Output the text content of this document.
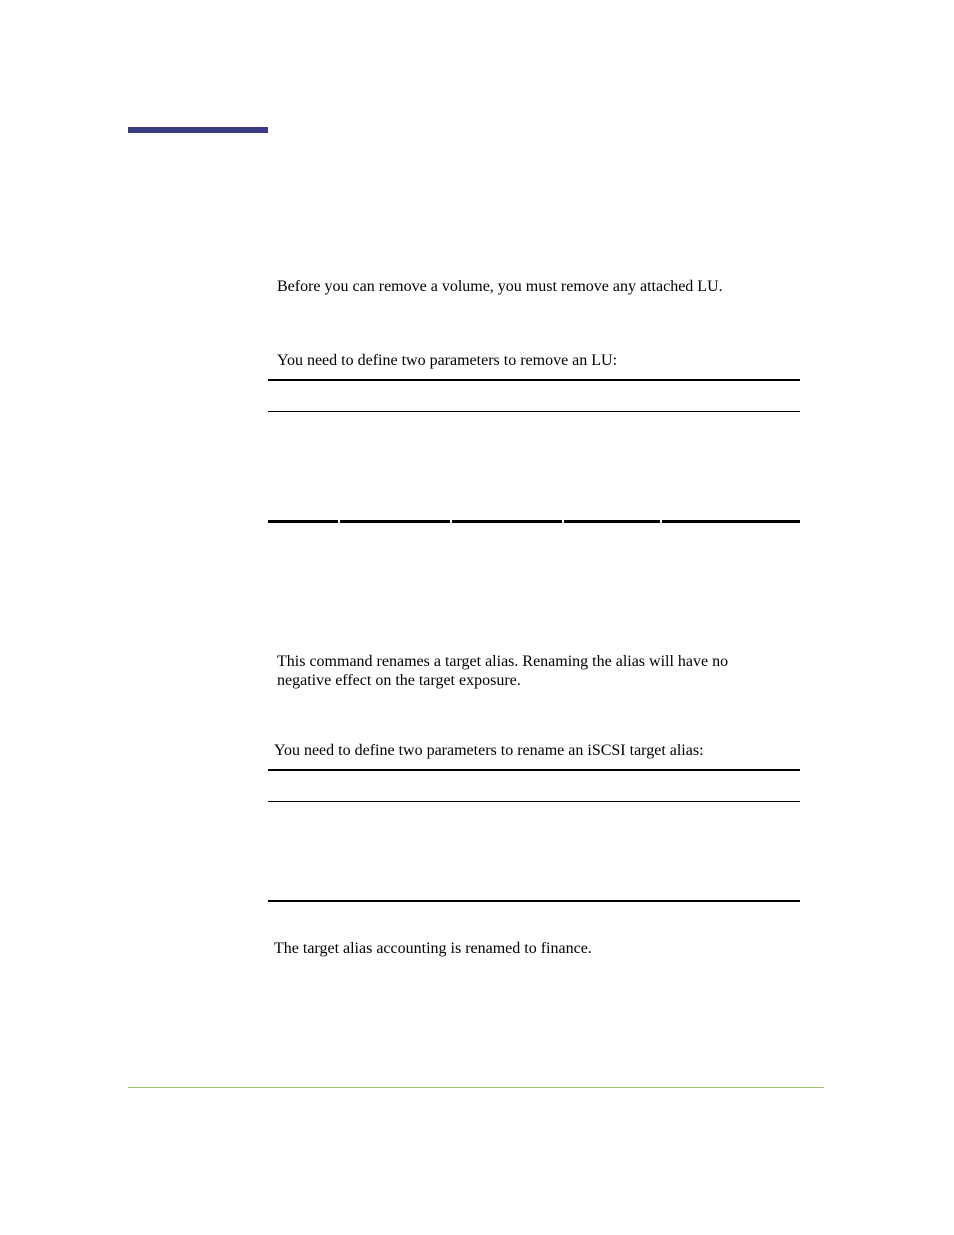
Before you can remove a volume, you must remove any attached LU.
You need to define two parameters to remove an LU:
This command renames a target alias. Renaming the alias will have no
negative effect on the target exposure.
You need to define two parameters to rename an iSCSI target alias:
The target alias accounting is renamed to finance.
